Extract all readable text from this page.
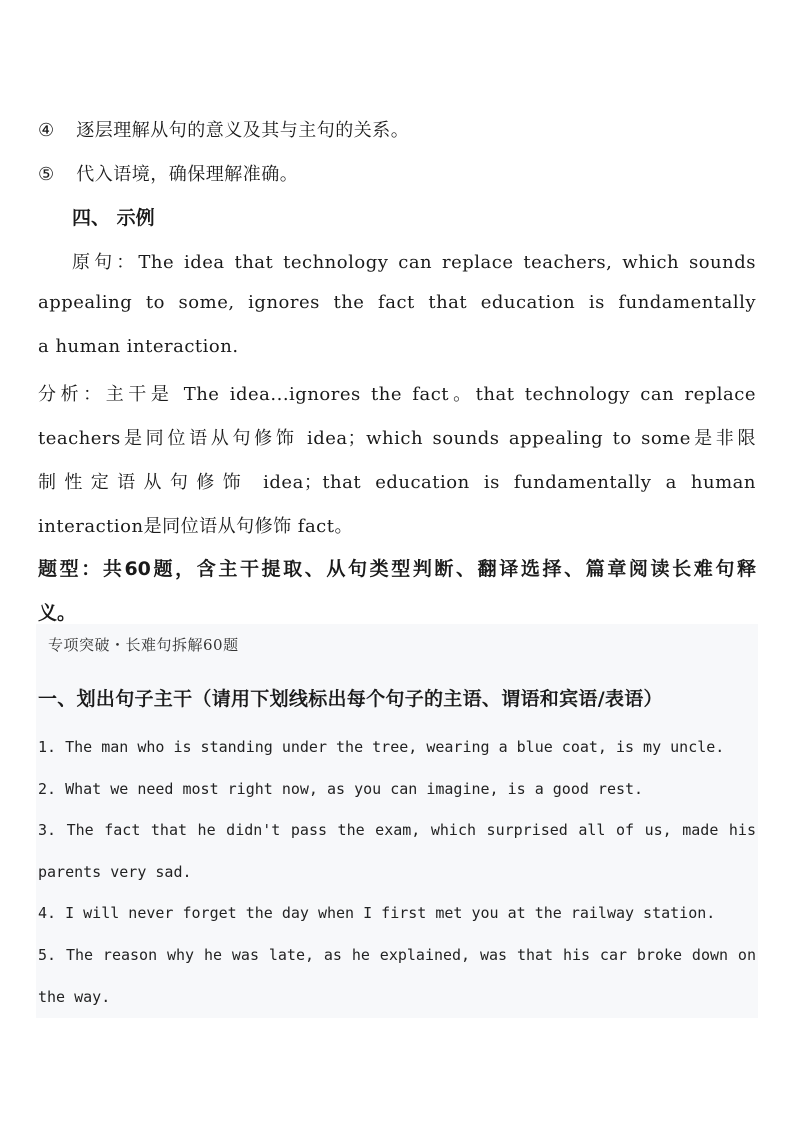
④ 逐层理解从句的意义及其与主句的关系。
⑤ 代入语境，确保理解准确。
四、 示例
原句：The idea that technology can replace teachers, which sounds
appealing to some, ignores the fact that education is fundamentally
a human interaction.
分析：主干是 The idea...ignores the fact。that technology can replace
teachers是同位语从句修饰 idea；which sounds appealing to some是非限
制性定语从句修饰 idea；that education is fundamentally a human
interaction是同位语从句修饰 fact。
题型：共60题，含主干提取、从句类型判断、翻译选择、篇章阅读长难句释
义。
专项突破・长难句拆解60题
一、划出句子主干（请用下划线标出每个句子的主语、谓语和宾语/表语）
1. The man who is standing under the tree, wearing a blue coat, is my uncle.
2. What we need most right now, as you can imagine, is a good rest.
3. The fact that he didn't pass the exam, which surprised all of us, made his
parents very sad.
4. I will never forget the day when I first met you at the railway station.
5. The reason why he was late, as he explained, was that his car broke down on
the way.
